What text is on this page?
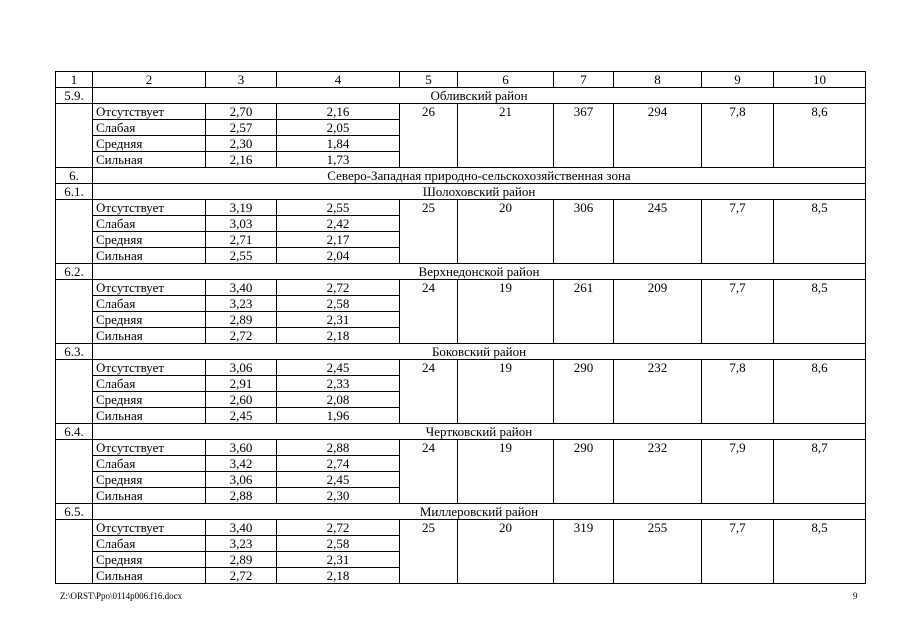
1	2	3	4	5	6	7	8	9	10
5.9.	Обливский район								
	Отсутствует	2,70	2,16	26	21	367	294	7,8	8,6
	Слабая	2,57	2,05						
	Средняя	2,30	1,84						
	Сильная	2,16	1,73						
6.	Северо-Западная природно-сельскохозяйственная зона								
6.1.	Шолоховский район								
	Отсутствует	3,19	2,55	25	20	306	245	7,7	8,5
	Слабая	3,03	2,42						
	Средняя	2,71	2,17						
	Сильная	2,55	2,04						
6.2.	Верхнедонской район								
	Отсутствует	3,40	2,72	24	19	261	209	7,7	8,5
	Слабая	3,23	2,58						
	Средняя	2,89	2,31						
	Сильная	2,72	2,18						
6.3.	Боковский район								
	Отсутствует	3,06	2,45	24	19	290	232	7,8	8,6
	Слабая	2,91	2,33						
	Средняя	2,60	2,08						
	Сильная	2,45	1,96						
6.4.	Чертковский район								
	Отсутствует	3,60	2,88	24	19	290	232	7,9	8,7
	Слабая	3,42	2,74						
	Средняя	3,06	2,45						
	Сильная	2,88	2,30						
6.5.	Миллеровский район								
	Отсутствует	3,40	2,72	25	20	319	255	7,7	8,5
	Слабая	3,23	2,58						
	Средняя	2,89	2,31						
	Сильная	2,72	2,18						
Z:\ORST\Ppo\0114p006.f16.docx	9
